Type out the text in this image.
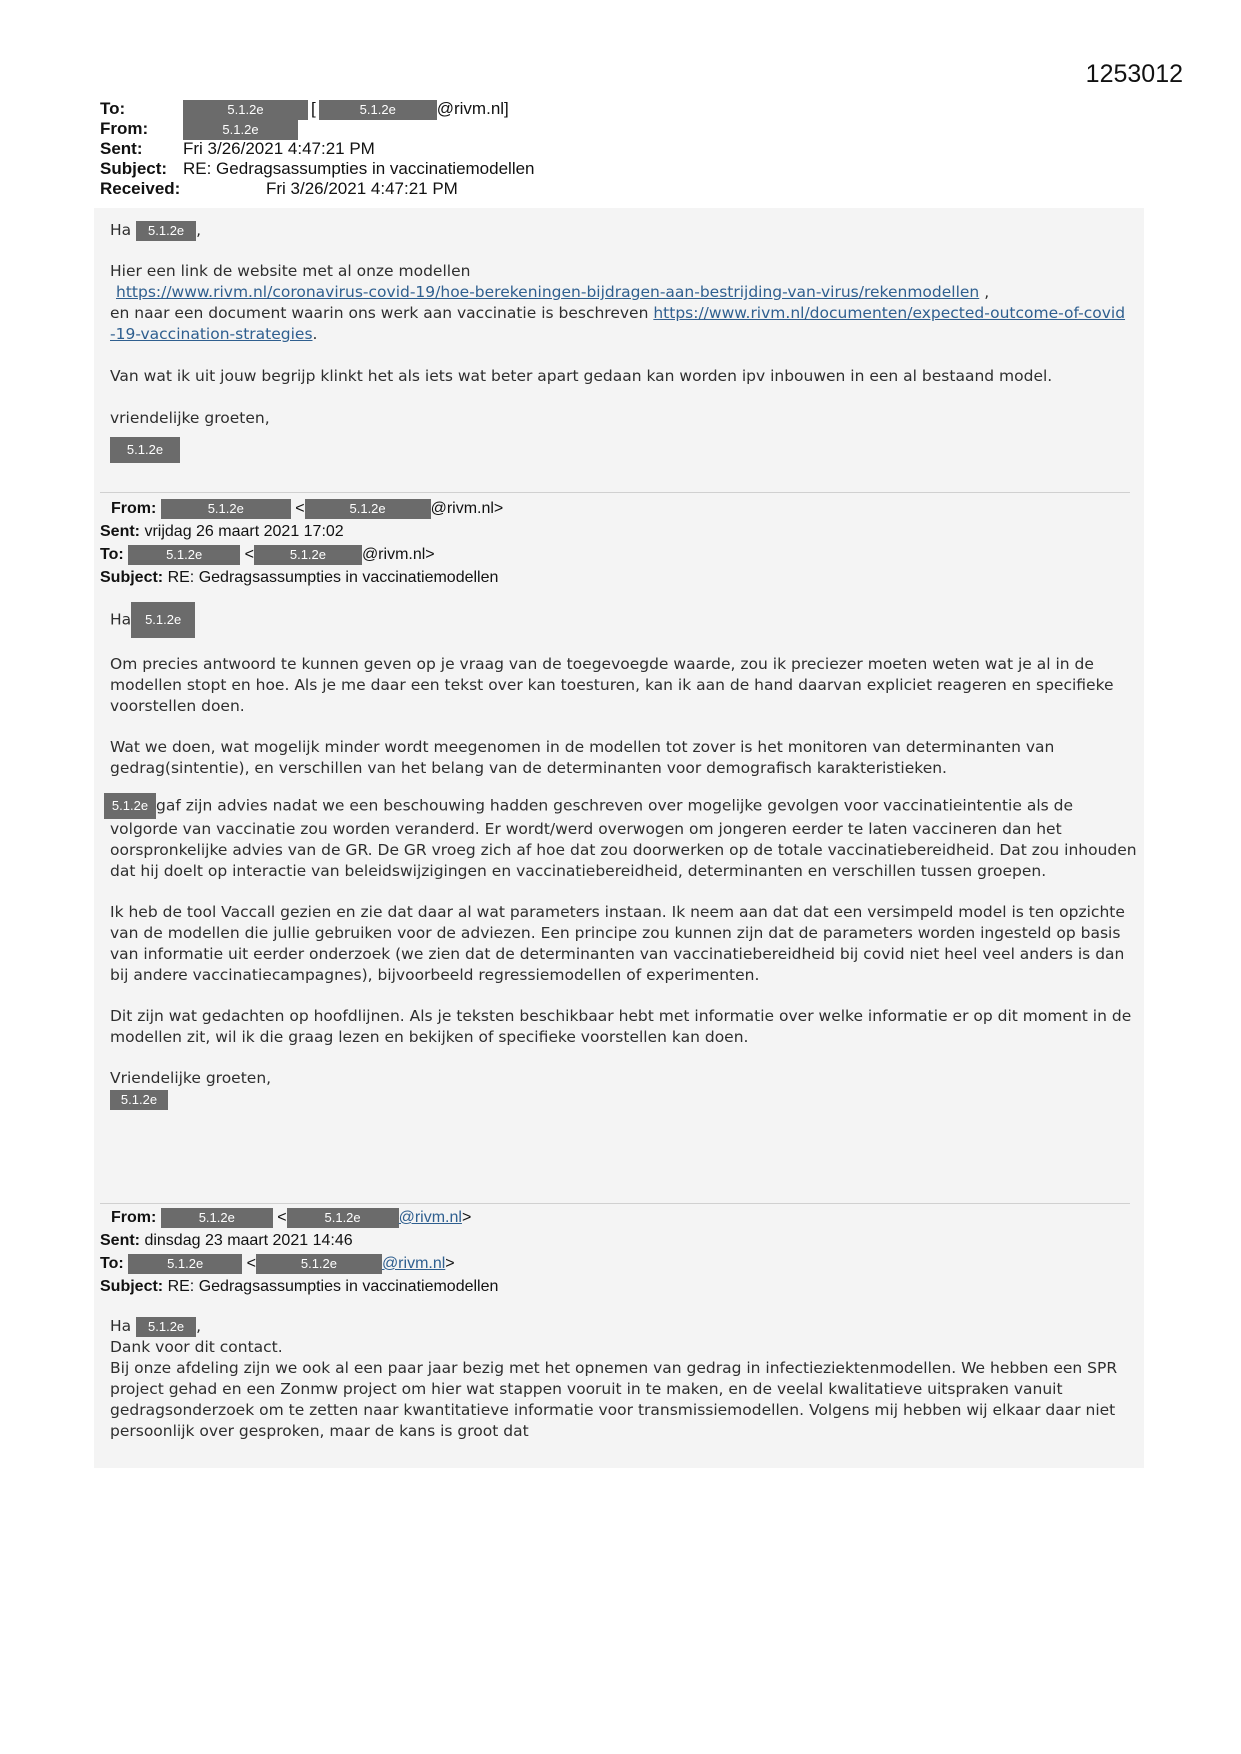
1253012
To:	5.1.2e	[	5.1.2e @rivm.nl]
From:	5.1.2e
Sent: Fri 3/26/2021 4:47:21 PM
Subject: RE: Gedragsassumpties in vaccinatiemodellen
Received:	Fri 3/26/2021 4:47:21 PM

Ha 5.1.2e ,

Hier een link de website met al onze modellen

https://www.rivm.nl/coronavirus-covid-19/hoe-berekeningen-bijdragen-aan-bestrijding-van-virus/rekenmodellen ,

en naar een document waarin ons werk aan vaccinatie is beschreven https://www.rivm.nl/documenten/expected-outcome-of-covid-19-vaccination-strategies.

Van wat ik uit jouw begrijp klinkt het als iets wat beter apart gedaan kan worden ipv inbouwen in een al bestaand model.

vriendelijke groeten,

5.1.2e

From:	5.1.2e	<	5.1.2e	@rivm.nl>
Sent: vrijdag 26 maart 2021 17:02
To:	5.1.2e <	5.1.2e @rivm.nl>
Subject: RE: Gedragsassumpties in vaccinatiemodellen

Ha 5.1.2e

Om precies antwoord te kunnen geven op je vraag van de toegevoegde waarde, zou ik preciezer moeten weten wat je al in de modellen stopt en hoe. Als je me daar een tekst over kan toesturen, kan ik aan de hand daarvan expliciet reageren en specifieke voorstellen doen.

Wat we doen, wat mogelijk minder wordt meegenomen in de modellen tot zover is het monitoren van determinanten van gedrag(sintentie), en verschillen van het belang van de determinanten voor demografisch karakteristieken.

5.1.2e gaf zijn advies nadat we een beschouwing hadden geschreven over mogelijke gevolgen voor vaccinatieintentie als de volgorde van vaccinatie zou worden veranderd. Er wordt/werd overwogen om jongeren eerder te laten vaccineren dan het oorspronkelijke advies van de GR. De GR vroeg zich af hoe dat zou doorwerken op de totale vaccinatiebereidheid. Dat zou inhouden dat hij doelt op interactie van beleidswijzigingen en vaccinatiebereidheid, determinanten en verschillen tussen groepen.

Ik heb de tool Vaccall gezien en zie dat daar al wat parameters instaan. Ik neem aan dat dat een versimpeld model is ten opzichte van de modellen die jullie gebruiken voor de adviezen. Een principe zou kunnen zijn dat de parameters worden ingesteld op basis van informatie uit eerder onderzoek (we zien dat de determinanten van vaccinatiebereidheid bij covid niet heel veel anders is dan bij andere vaccinatiecampagnes), bijvoorbeeld regressiemodellen of experimenten.

Dit zijn wat gedachten op hoofdlijnen. Als je teksten beschikbaar hebt met informatie over welke informatie er op dit moment in de modellen zit, wil ik die graag lezen en bekijken of specifieke voorstellen kan doen.

Vriendelijke groeten,

5.1.2e

From:	5.1.2e <	5.1.2e @rivm.nl>
Sent: dinsdag 23 maart 2021 14:46
To:	5.1.2e <	5.1.2e	@rivm.nl>
Subject: RE: Gedragsassumpties in vaccinatiemodellen

Ha 5.1.2e ,

Dank voor dit contact.

Bij onze afdeling zijn we ook al een paar jaar bezig met het opnemen van gedrag in infectieziektenmodellen. We hebben een SPR project gehad en een Zonmw project om hier wat stappen vooruit in te maken, en de veelal kwalitatieve uitspraken vanuit gedragsonderzoek om te zetten naar kwantitatieve informatie voor transmissiemodellen. Volgens mij hebben wij elkaar daar niet persoonlijk over gesproken, maar de kans is groot dat
